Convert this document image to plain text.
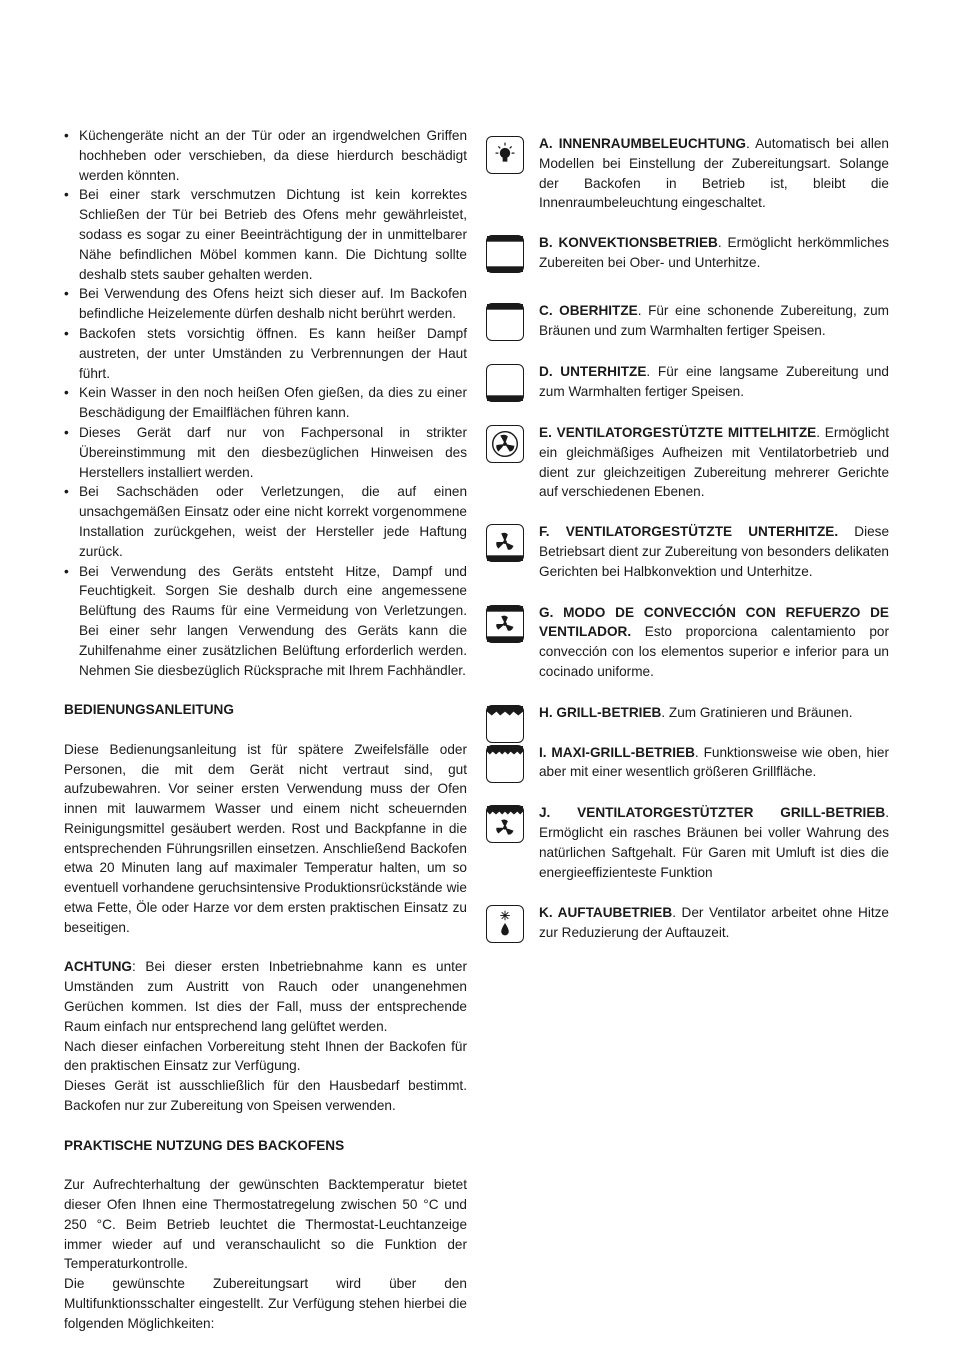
• Küchengeräte nicht an der Tür oder an irgendwelchen Griffen hochheben oder verschieben, da diese hierdurch beschädigt werden könnten.
• Bei einer stark verschmutzen Dichtung ist kein korrektes Schließen der Tür bei Betrieb des Ofens mehr gewährleistet, sodass es sogar zu einer Beeinträchtigung der in unmittelbarer Nähe befindlichen Möbel kommen kann. Die Dichtung sollte deshalb stets sauber gehalten werden.
• Bei Verwendung des Ofens heizt sich dieser auf. Im Backofen befindliche Heizelemente dürfen deshalb nicht berührt werden.
• Backofen stets vorsichtig öffnen. Es kann heißer Dampf austreten, der unter Umständen zu Verbrennungen der Haut führt.
• Kein Wasser in den noch heißen Ofen gießen, da dies zu einer Beschädigung der Emailflächen führen kann.
• Dieses Gerät darf nur von Fachpersonal in strikter Übereinstimmung mit den diesbezüglichen Hinweisen des Herstellers installiert werden.
• Bei Sachschäden oder Verletzungen, die auf einen unsachgemäßen Einsatz oder eine nicht korrekt vorgenommene Installation zurückgehen, weist der Hersteller jede Haftung zurück.
• Bei Verwendung des Geräts entsteht Hitze, Dampf und Feuchtigkeit. Sorgen Sie deshalb durch eine angemessene Belüftung des Raums für eine Vermeidung von Verletzungen. Bei einer sehr langen Verwendung des Geräts kann die Zuhilfenahme einer zusätzlichen Belüftung erforderlich werden. Nehmen Sie diesbezüglich Rücksprache mit Ihrem Fachhändler.
BEDIENUNGSANLEITUNG

Diese Bedienungsanleitung ist für spätere Zweifelsfälle oder Personen, die mit dem Gerät nicht vertraut sind, gut aufzubewahren. Vor seiner ersten Verwendung muss der Ofen innen mit lauwarmem Wasser und einem nicht scheuernden Reinigungsmittel gesäubert werden. Rost und Backpfanne in die entsprechenden Führungsrillen einsetzen. Anschließend Backofen etwa 20 Minuten lang auf maximaler Temperatur halten, um so eventuell vorhandene geruchsintensive Produktionsrückstände wie etwa Fette, Öle oder Harze vor dem ersten praktischen Einsatz zu beseitigen.

ACHTUNG: Bei dieser ersten Inbetriebnahme kann es unter Umständen zum Austritt von Rauch oder unangenehmen Gerüchen kommen. Ist dies der Fall, muss der entsprechende Raum einfach nur entsprechend lang gelüftet werden.

Nach dieser einfachen Vorbereitung steht Ihnen der Backofen für den praktischen Einsatz zur Verfügung.

Dieses Gerät ist ausschließlich für den Hausbedarf bestimmt. Backofen nur zur Zubereitung von Speisen verwenden.

PRAKTISCHE NUTZUNG DES BACKOFENS

Zur Aufrechterhaltung der gewünschten Backtemperatur bietet dieser Ofen Ihnen eine Thermostatregelung zwischen 50 °C und 250 °C. Beim Betrieb leuchtet die Thermostat-Leuchtanzeige immer wieder auf und veranschaulicht so die Funktion der Temperaturkontrolle.

Die gewünschte Zubereitungsart wird über den Multifunktionsschalter eingestellt. Zur Verfügung stehen hierbei die folgenden Möglichkeiten:

A. INNENRAUMBELEUCHTUNG. Automatisch bei allen Modellen bei Einstellung der Zubereitungsart. Solange der Backofen in Betrieb ist, bleibt die Innenraumbeleuchtung eingeschaltet.

B. KONVEKTIONSBETRIEB. Ermöglicht herkömmliches Zubereiten bei Ober- und Unterhitze.

C. OBERHITZE. Für eine schonende Zubereitung, zum Bräunen und zum Warmhalten fertiger Speisen.

D. UNTERHITZE. Für eine langsame Zubereitung und zum Warmhalten fertiger Speisen.

E. VENTILATORGESTÜTZTE MITTELHITZE. Ermöglicht ein gleichmäßiges Aufheizen mit Ventilatorbetrieb und dient zur gleichzeitigen Zubereitung mehrerer Gerichte auf verschiedenen Ebenen.

F. VENTILATORGESTÜTZTE UNTERHITZE. Diese Betriebsart dient zur Zubereitung von besonders delikaten Gerichten bei Halbkonvektion und Unterhitze.

G. MODO DE CONVECCIÓN CON REFUERZO DE VENTILADOR. Esto proporciona calentamiento por convección con los elementos superior e inferior para un cocinado uniforme.

H. GRILL-BETRIEB. Zum Gratinieren und Bräunen.

I. MAXI-GRILL-BETRIEB. Funktionsweise wie oben, hier aber mit einer wesentlich größeren Grillfläche.

J. VENTILATORGESTÜTZTER GRILL-BETRIEB. Ermöglicht ein rasches Bräunen bei voller Wahrung des natürlichen Saftgehalt. Für Garen mit Umluft ist dies die energieeffizienteste Funktion

K. AUFTAUBETRIEB. Der Ventilator arbeitet ohne Hitze zur Reduzierung der Auftauzeit.
